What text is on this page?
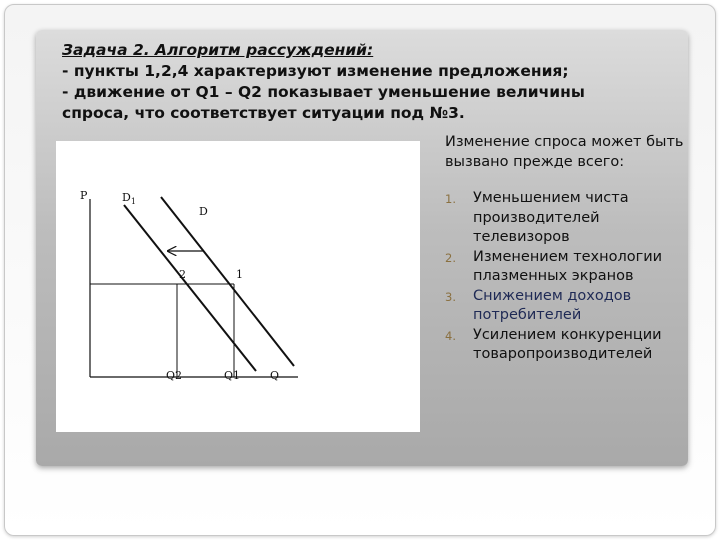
Задача 2. Алгоритм рассуждений:
- пункты 1,2,4 характеризуют изменение предложения;
- движение от Q1 – Q2 показывает уменьшение величины
спроса, что соответствует ситуации под №3.
P
Q
$D_1$
D
1
2
Q2	Q1

Изменение спроса может быть вызвано прежде всего:

1. Уменьшением чиста производителей телевизоров
2. Изменением технологии плазменных экранов
3. Снижением доходов потребителей
4. Усилением конкуренции товаропроизводителей
